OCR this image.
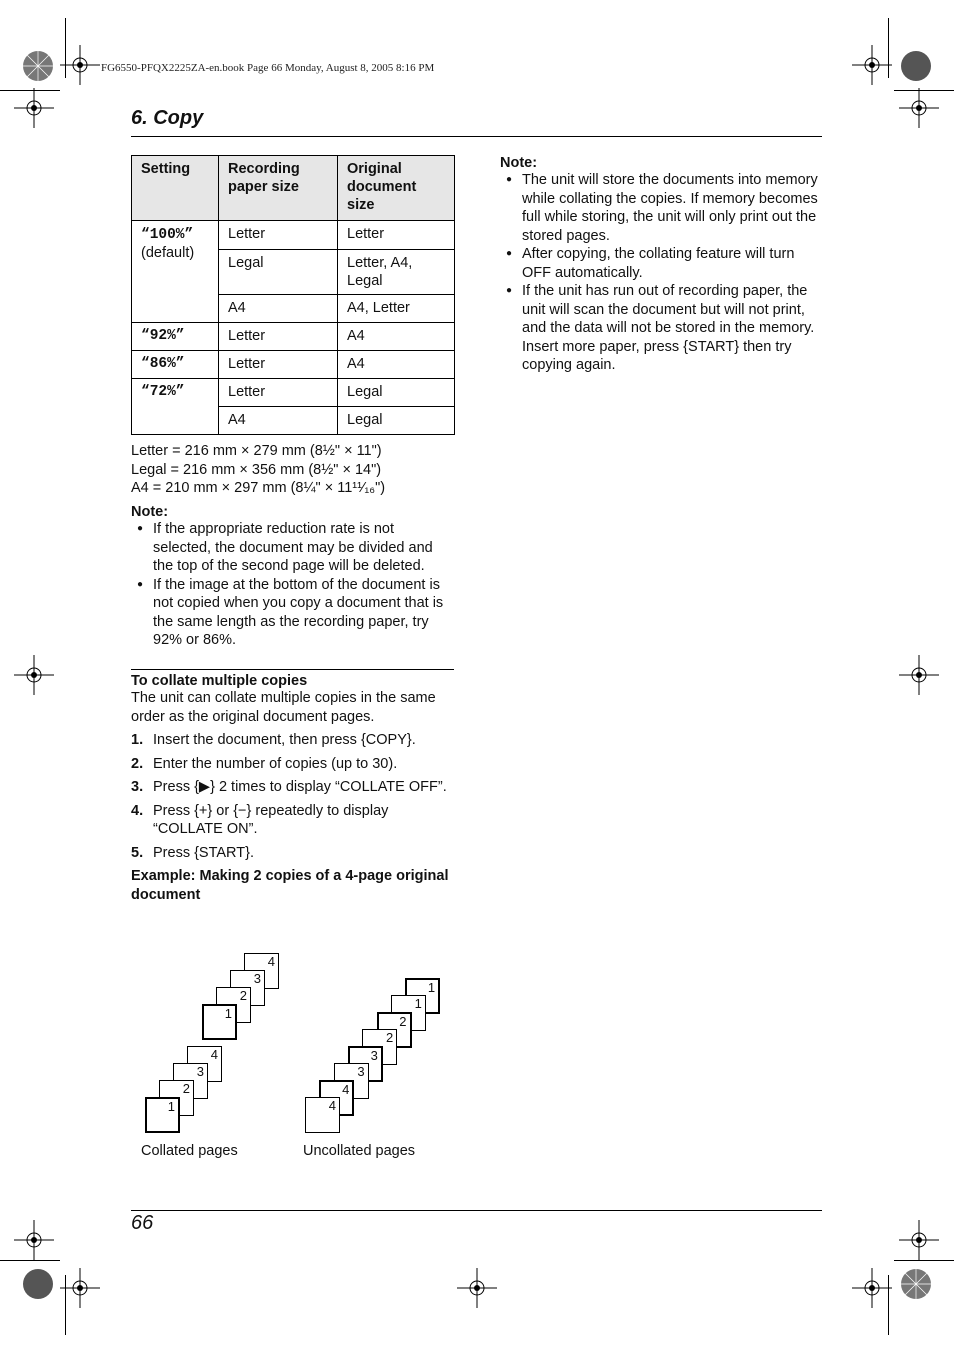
FG6550-PFQX2225ZA-en.book Page 66 Monday, August 8, 2005 8:16 PM
6. Copy
Setting	Recording paper size	Original document size
“100%”
(default)	Letter	Letter
	Legal	Letter, A4, Legal
	A4	A4, Letter
“92%”	Letter	A4
“86%”	Letter	A4
“72%”	Letter	Legal
	A4	Legal
Letter = 216 mm × 279 mm (8½" × 11")
Legal = 216 mm × 356 mm (8½" × 14")
A4 = 210 mm × 297 mm (8¼" × 11¹¹⁄₁₆")
Note:
● If the appropriate reduction rate is not selected, the document may be divided and the top of the second page will be deleted.
● If the image at the bottom of the document is not copied when you copy a document that is the same length as the recording paper, try 92% or 86%.
To collate multiple copies
The unit can collate multiple copies in the same order as the original document pages.
1. Insert the document, then press {COPY}.
2. Enter the number of copies (up to 30).
3. Press {▶} 2 times to display “COLLATE OFF”.
4. Press {+} or {−} repeatedly to display “COLLATE ON”.
5. Press {START}.
Example: Making 2 copies of a 4-page original document
4
3
2
1
4
3
2
1
1
1
2
2
3
3
4
4
Collated pages	Uncollated pages
Note:
● The unit will store the documents into memory while collating the copies. If memory becomes full while storing, the unit will only print out the stored pages.
● After copying, the collating feature will turn OFF automatically.
● If the unit has run out of recording paper, the unit will scan the document but will not print, and the data will not be stored in the memory. Insert more paper, press {START} then try copying again.
66
